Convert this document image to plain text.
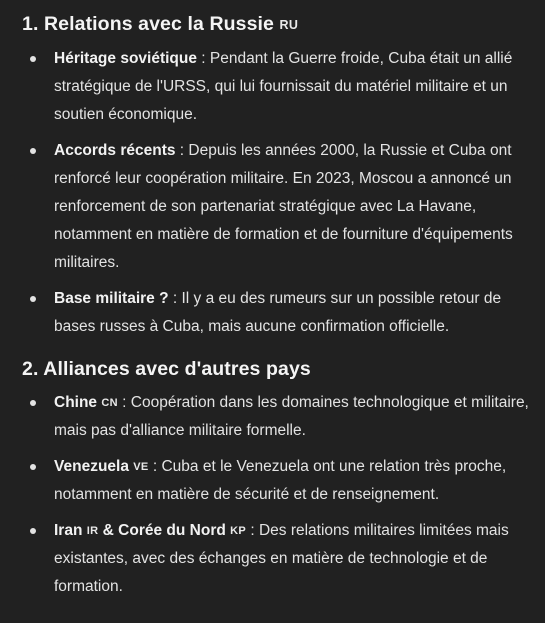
1. Relations avec la Russie RU
Héritage soviétique : Pendant la Guerre froide, Cuba était un allié stratégique de l'URSS, qui lui fournissait du matériel militaire et un soutien économique.
Accords récents : Depuis les années 2000, la Russie et Cuba ont renforcé leur coopération militaire. En 2023, Moscou a annoncé un renforcement de son partenariat stratégique avec La Havane, notamment en matière de formation et de fourniture d'équipements militaires.
Base militaire ? : Il y a eu des rumeurs sur un possible retour de bases russes à Cuba, mais aucune confirmation officielle.
2. Alliances avec d'autres pays
Chine CN : Coopération dans les domaines technologique et militaire, mais pas d'alliance militaire formelle.
Venezuela VE : Cuba et le Venezuela ont une relation très proche, notamment en matière de sécurité et de renseignement.
Iran IR & Corée du Nord KP : Des relations militaires limitées mais existantes, avec des échanges en matière de technologie et de formation.
